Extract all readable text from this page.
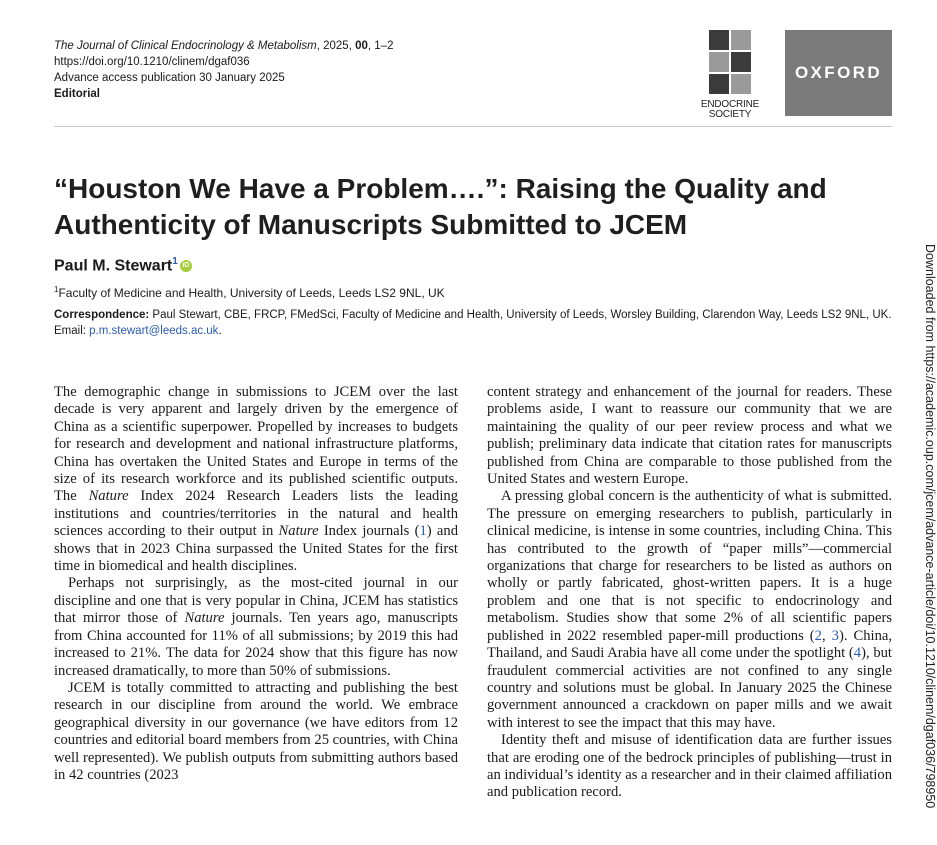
The Journal of Clinical Endocrinology & Metabolism, 2025, 00, 1–2
https://doi.org/10.1210/clinem/dgaf036
Advance access publication 30 January 2025
Editorial
ENDOCRINE
SOCIETY
OXFORD
“Houston We Have a Problem….”: Raising the Quality and Authenticity of Manuscripts Submitted to JCEM
Paul M. Stewart$^1$ iD
$^1$Faculty of Medicine and Health, University of Leeds, Leeds LS2 9NL, UK
Correspondence: Paul Stewart, CBE, FRCP, FMedSci, Faculty of Medicine and Health, University of Leeds, Worsley Building, Clarendon Way, Leeds LS2 9NL, UK. Email: p.m.stewart@leeds.ac.uk.

The demographic change in submissions to JCEM over the last decade is very apparent and largely driven by the emergence of China as a scientific superpower. Propelled by increases to budgets for research and development and national infrastructure platforms, China has overtaken the United States and Europe in terms of the size of its research workforce and its published scientific outputs. The Nature Index 2024 Research Leaders lists the leading institutions and countries/territories in the natural and health sciences according to their output in Nature Index journals (1) and shows that in 2023 China surpassed the United States for the first time in biomedical and health disciplines.

Perhaps not surprisingly, as the most-cited journal in our discipline and one that is very popular in China, JCEM has statistics that mirror those of Nature journals. Ten years ago, manuscripts from China accounted for 11% of all submissions; by 2019 this had increased to 21%. The data for 2024 show that this figure has now increased dramatically, to more than 50% of submissions.

JCEM is totally committed to attracting and publishing the best research in our discipline from around the world. We embrace geographical diversity in our governance (we have editors from 12 countries and editorial board members from 25 countries, with China well represented). We publish outputs from submitting authors based in 42 countries (2023

content strategy and enhancement of the journal for readers. These problems aside, I want to reassure our community that we are maintaining the quality of our peer review process and what we publish; preliminary data indicate that citation rates for manuscripts published from China are comparable to those published from the United States and western Europe.

A pressing global concern is the authenticity of what is submitted. The pressure on emerging researchers to publish, particularly in clinical medicine, is intense in some countries, including China. This has contributed to the growth of “paper mills”—commercial organizations that charge for researchers to be listed as authors on wholly or partly fabricated, ghost-written papers. It is a huge problem and one that is not specific to endocrinology and metabolism. Studies show that some 2% of all scientific papers published in 2022 resembled paper-mill productions (2, 3). China, Thailand, and Saudi Arabia have all come under the spotlight (4), but fraudulent commercial activities are not confined to any single country and solutions must be global. In January 2025 the Chinese government announced a crackdown on paper mills and we await with interest to see the impact that this may have.

Identity theft and misuse of identification data are further issues that are eroding one of the bedrock principles of publishing—trust in an individual’s identity as a researcher and in their claimed affiliation and publication record.	Downloaded from https://academic.oup.com/jcem/advance-article/doi/10.1210/clinem/dgaf036/798950
